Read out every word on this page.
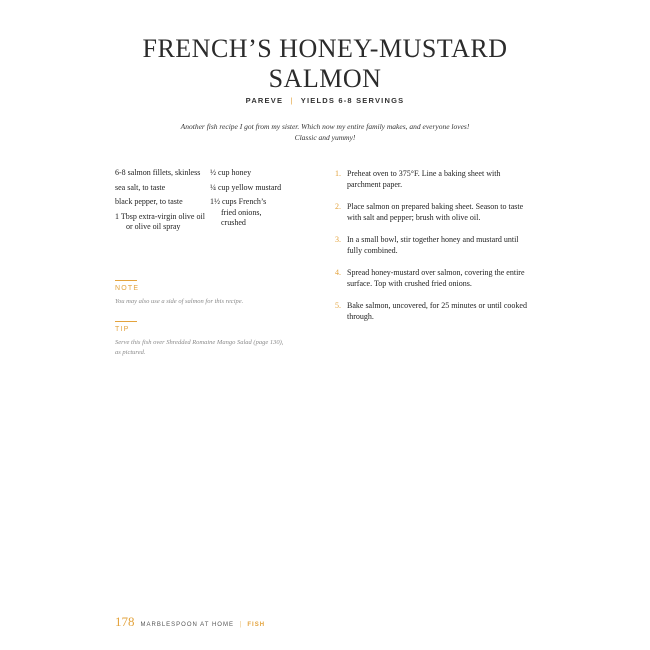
FRENCH’S HONEY-MUSTARD
SALMON
PAREVE | YIELDS 6-8 SERVINGS
Another fish recipe I got from my sister. Which now my entire family makes, and everyone loves! Classic and yummy!
6-8 salmon fillets, skinless
sea salt, to taste
black pepper, to taste
1 Tbsp extra-virgin olive oil or olive oil spray
½ cup honey
¼ cup yellow mustard
1½ cups French’s fried onions, crushed
NOTE
You may also use a side of salmon for this recipe.
TIP
Serve this fish over Shredded Romaine Mango Salad (page 130), as pictured.
1. Preheat oven to 375°F. Line a baking sheet with parchment paper.
2. Place salmon on prepared baking sheet. Season to taste with salt and pepper; brush with olive oil.
3. In a small bowl, stir together honey and mustard until fully combined.
4. Spread honey-mustard over salmon, covering the entire surface. Top with crushed fried onions.
5. Bake salmon, uncovered, for 25 minutes or until cooked through.
178 MARBLESPOON AT HOME | FISH
